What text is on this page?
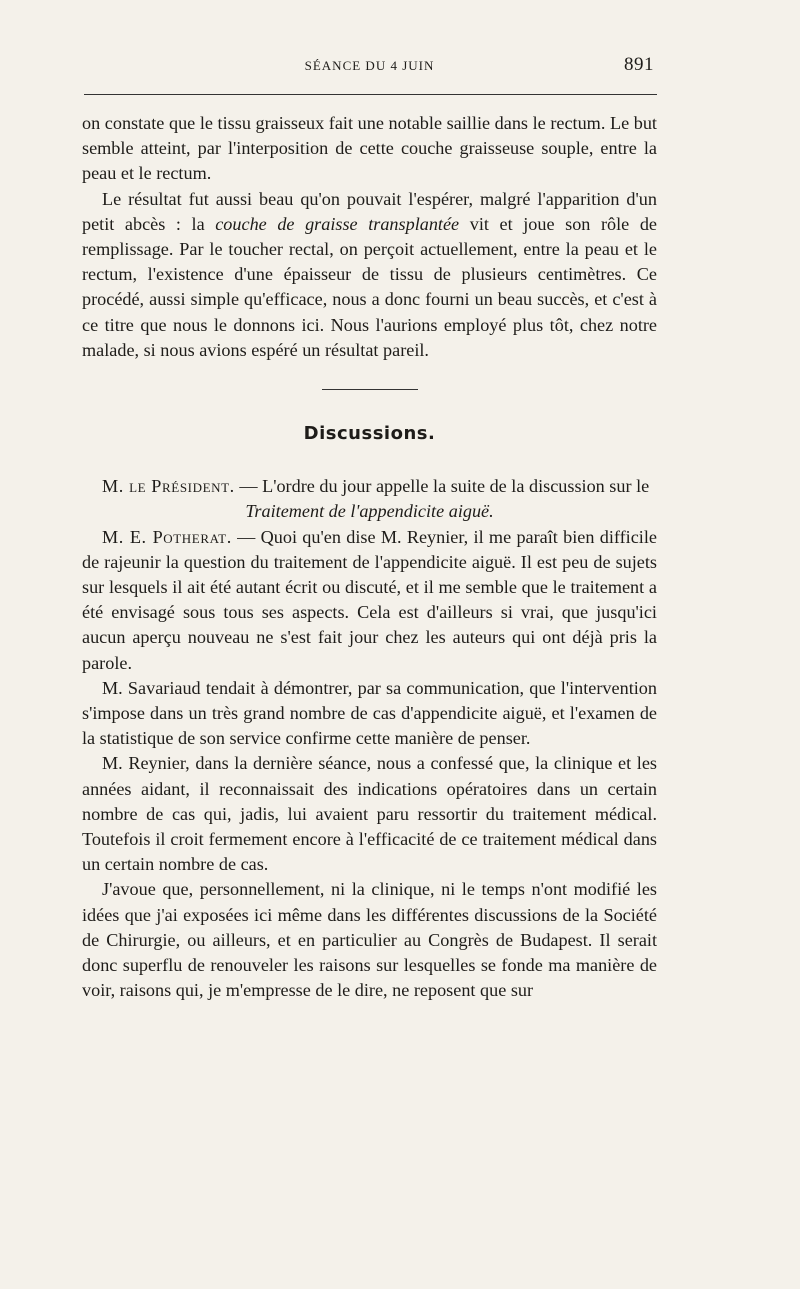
SÉANCE DU 4 JUIN	891

on constate que le tissu graisseux fait une notable saillie dans le rectum. Le but semble atteint, par l'interposition de cette couche graisseuse souple, entre la peau et le rectum.

Le résultat fut aussi beau qu'on pouvait l'espérer, malgré l'apparition d'un petit abcès : la couche de graisse transplantée vit et joue son rôle de remplissage. Par le toucher rectal, on perçoit actuellement, entre la peau et le rectum, l'existence d'une épaisseur de tissu de plusieurs centimètres. Ce procédé, aussi simple qu'efficace, nous a donc fourni un beau succès, et c'est à ce titre que nous le donnons ici. Nous l'aurions employé plus tôt, chez notre malade, si nous avions espéré un résultat pareil.

Discussions.

M. le Président. — L'ordre du jour appelle la suite de la discussion sur le

Traitement de l'appendicite aiguë.

M. E. Potherat. — Quoi qu'en dise M. Reynier, il me paraît bien difficile de rajeunir la question du traitement de l'appendicite aiguë. Il est peu de sujets sur lesquels il ait été autant écrit ou discuté, et il me semble que le traitement a été envisagé sous tous ses aspects. Cela est d'ailleurs si vrai, que jusqu'ici aucun aperçu nouveau ne s'est fait jour chez les auteurs qui ont déjà pris la parole.

M. Savariaud tendait à démontrer, par sa communication, que l'intervention s'impose dans un très grand nombre de cas d'appendicite aiguë, et l'examen de la statistique de son service confirme cette manière de penser.

M. Reynier, dans la dernière séance, nous a confessé que, la clinique et les années aidant, il reconnaissait des indications opératoires dans un certain nombre de cas qui, jadis, lui avaient paru ressortir du traitement médical. Toutefois il croit fermement encore à l'efficacité de ce traitement médical dans un certain nombre de cas.

J'avoue que, personnellement, ni la clinique, ni le temps n'ont modifié les idées que j'ai exposées ici même dans les différentes discussions de la Société de Chirurgie, ou ailleurs, et en particulier au Congrès de Budapest. Il serait donc superflu de renouveler les raisons sur lesquelles se fonde ma manière de voir, raisons qui, je m'empresse de le dire, ne reposent que sur
